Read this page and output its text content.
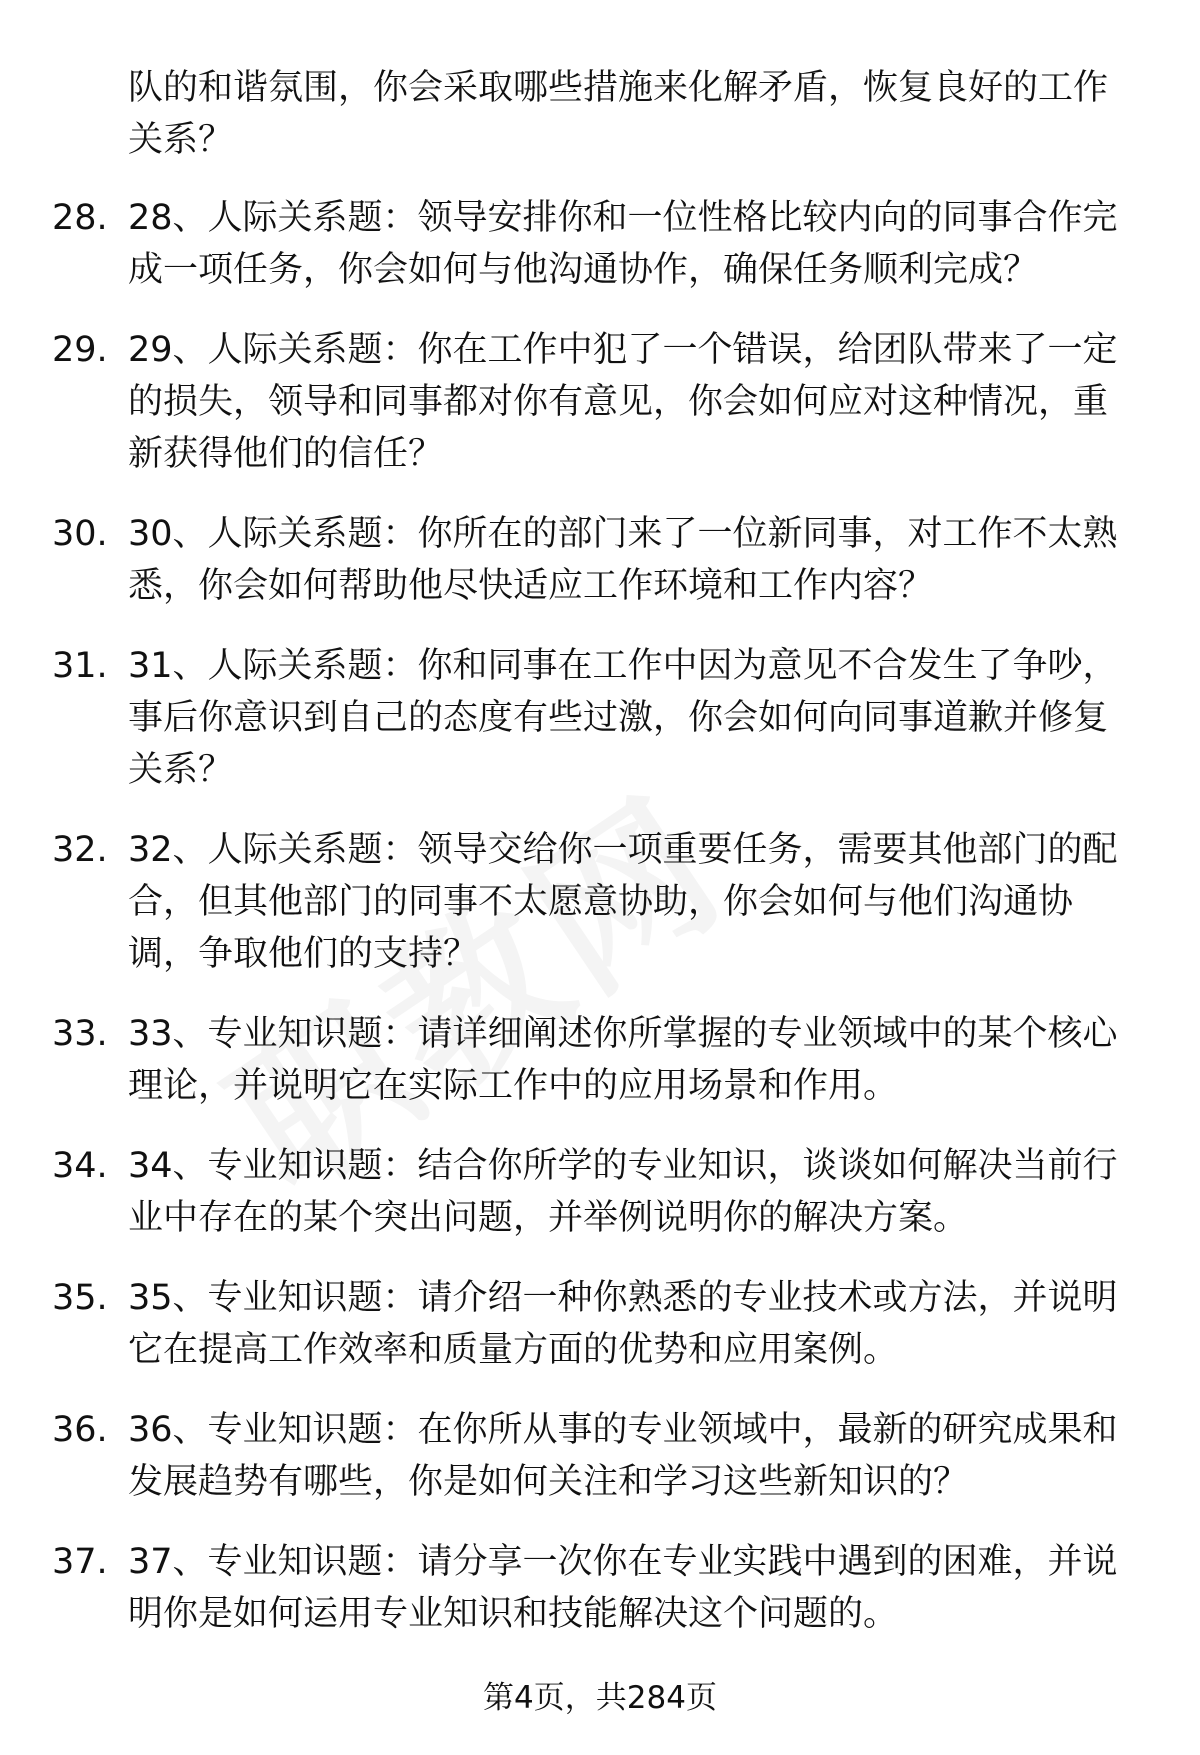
队的和谐氛围，你会采取哪些措施来化解矛盾，恢复良好的工作关系？
28. 28、人际关系题：领导安排你和一位性格比较内向的同事合作完成一项任务，你会如何与他沟通协作，确保任务顺利完成？
29. 29、人际关系题：你在工作中犯了一个错误，给团队带来了一定的损失，领导和同事都对你有意见，你会如何应对这种情况，重新获得他们的信任？
30. 30、人际关系题：你所在的部门来了一位新同事，对工作不太熟悉，你会如何帮助他尽快适应工作环境和工作内容？
31. 31、人际关系题：你和同事在工作中因为意见不合发生了争吵，事后你意识到自己的态度有些过激，你会如何向同事道歉并修复关系？
32. 32、人际关系题：领导交给你一项重要任务，需要其他部门的配合，但其他部门的同事不太愿意协助，你会如何与他们沟通协调，争取他们的支持？
33. 33、专业知识题：请详细阐述你所掌握的专业领域中的某个核心理论，并说明它在实际工作中的应用场景和作用。
34. 34、专业知识题：结合你所学的专业知识，谈谈如何解决当前行业中存在的某个突出问题，并举例说明你的解决方案。
35. 35、专业知识题：请介绍一种你熟悉的专业技术或方法，并说明它在提高工作效率和质量方面的优势和应用案例。
36. 36、专业知识题：在你所从事的专业领域中，最新的研究成果和发展趋势有哪些，你是如何关注和学习这些新知识的？
37. 37、专业知识题：请分享一次你在专业实践中遇到的困难，并说明你是如何运用专业知识和技能解决这个问题的。
第4页，共284页
